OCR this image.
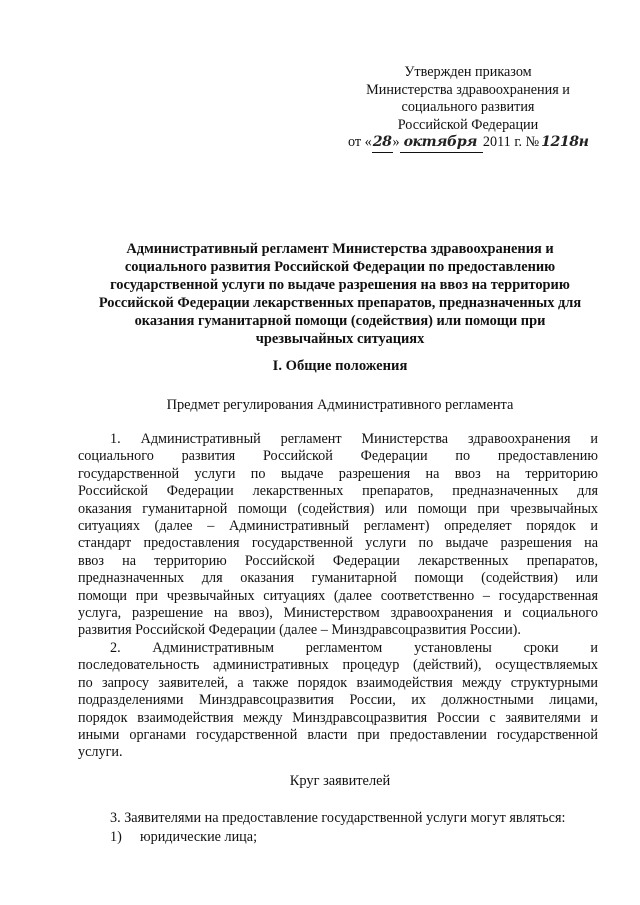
Утвержден приказом
Министерства здравоохранения и
социального развития
Российской Федерации
от «28» октября 2011 г. № 1218н
Административный регламент Министерства здравоохранения и
социального развития Российской Федерации по предоставлению
государственной услуги по выдаче разрешения на ввоз на территорию
Российской Федерации лекарственных препаратов, предназначенных для
оказания гуманитарной помощи (содействия) или помощи при
чрезвычайных ситуациях
I. Общие положения
Предмет регулирования Административного регламента
1. Административный регламент Министерства здравоохранения и
социального развития Российской Федерации по предоставлению
государственной услуги по выдаче разрешения на ввоз на территорию
Российской Федерации лекарственных препаратов, предназначенных для
оказания гуманитарной помощи (содействия) или помощи при чрезвычайных
ситуациях (далее – Административный регламент) определяет порядок и
стандарт предоставления государственной услуги по выдаче разрешения на
ввоз на территорию Российской Федерации лекарственных препаратов,
предназначенных для оказания гуманитарной помощи (содействия) или
помощи при чрезвычайных ситуациях (далее соответственно – государственная
услуга, разрешение на ввоз), Министерством здравоохранения и социального
развития Российской Федерации (далее – Минздравсоцразвития России).
2. Административным регламентом установлены сроки и
последовательность административных процедур (действий), осуществляемых
по запросу заявителей, а также порядок взаимодействия между структурными
подразделениями Минздравсоцразвития России, их должностными лицами,
порядок взаимодействия между Минздравсоцразвития России с заявителями и
иными органами государственной власти при предоставлении государственной
услуги.
Круг заявителей
3. Заявителями на предоставление государственной услуги могут являться:
1) юридические лица;
